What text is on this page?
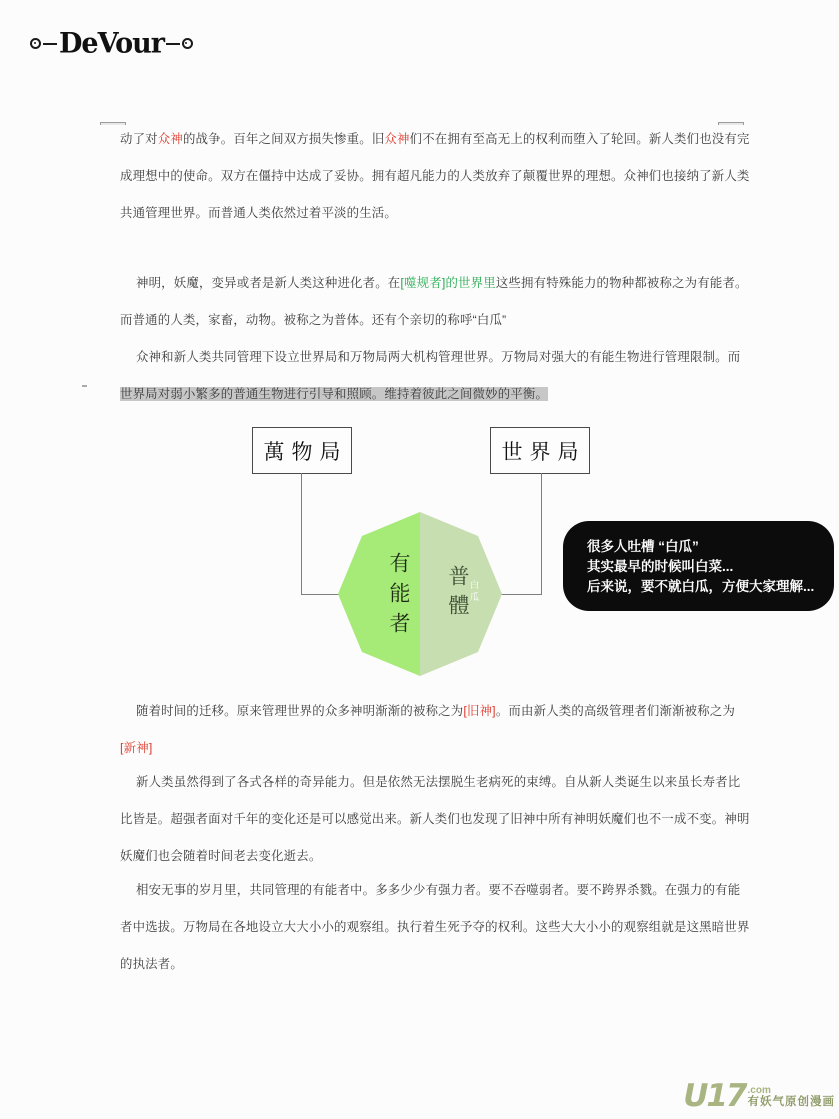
DeVour
动了对众神的战争。百年之间双方损失惨重。旧众神们不在拥有至高无上的权利而堕入了轮回。新人类们也没有完
成理想中的使命。双方在僵持中达成了妥协。拥有超凡能力的人类放弃了颠覆世界的理想。众神们也接纳了新人类
共通管理世界。而普通人类依然过着平淡的生活。
神明，妖魔，变异或者是新人类这种进化者。在[噬规者]的世界里这些拥有特殊能力的物种都被称之为有能者。
而普通的人类，家畜，动物。被称之为普体。还有个亲切的称呼“白瓜”
众神和新人类共同管理下设立世界局和万物局两大机构管理世界。万物局对强大的有能生物进行管理限制。而
世界局对弱小繁多的普通生物进行引导和照顾。维持着彼此之间微妙的平衡。
随着时间的迁移。原来管理世界的众多神明渐渐的被称之为[旧神]。而由新人类的高级管理者们渐渐被称之为
[新神]
新人类虽然得到了各式各样的奇异能力。但是依然无法摆脱生老病死的束缚。自从新人类诞生以来虽长寿者比
比皆是。超强者面对千年的变化还是可以感觉出来。新人类们也发现了旧神中所有神明妖魔们也不一成不变。神明
妖魔们也会随着时间老去变化逝去。
相安无事的岁月里，共同管理的有能者中。多多少少有强力者。要不吞噬弱者。要不跨界杀戮。在强力的有能
者中选拔。万物局在各地设立大大小小的观察组。执行着生死予夺的权利。这些大大小小的观察组就是这黑暗世界
的执法者。
萬物局	世界局
有能者 普體
白瓜
很多人吐槽 “白瓜”
其实最早的时候叫白菜...
后来说，要不就白瓜，方便大家理解...
U17 .com
有妖气原创漫画
